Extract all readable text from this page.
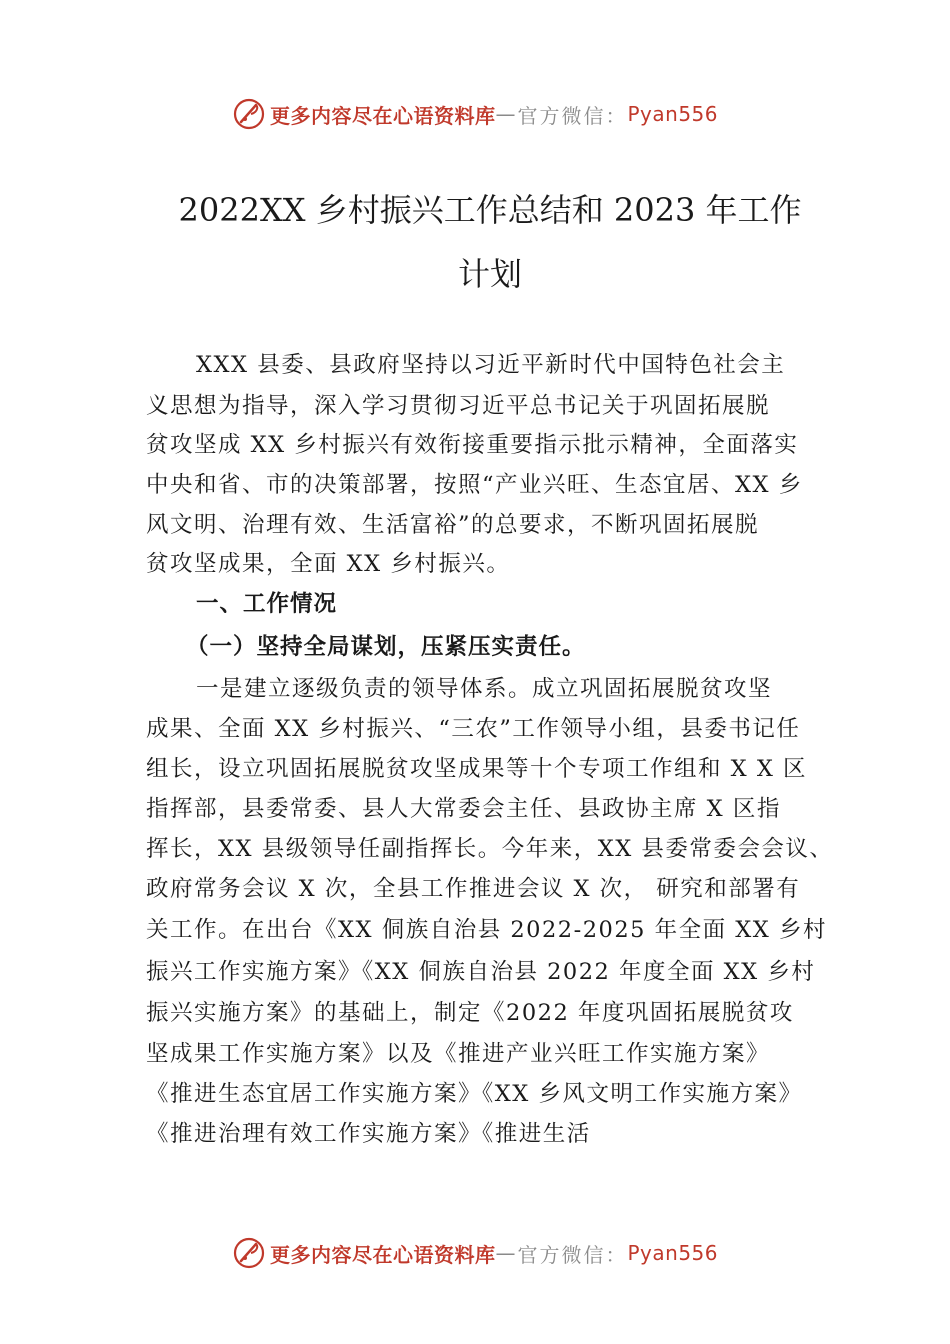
更多内容尽在心语资料库 — 官方微信： Pyan556
2022XX 乡村振兴工作总结和 2023 年工作
计划
XXX 县委、县政府坚持以习近平新时代中国特色社会主
义思想为指导，深入学习贯彻习近平总书记关于巩固拓展脱
贫攻坚成 XX 乡村振兴有效衔接重要指示批示精神，全面落实
中央和省、市的决策部署，按照“产业兴旺、生态宜居、XX 乡
风文明、治理有效、生活富裕”的总要求，不断巩固拓展脱
贫攻坚成果，全面 XX 乡村振兴。
一、工作情况
（一）坚持全局谋划，压紧压实责任。
一是建立逐级负责的领导体系。成立巩固拓展脱贫攻坚
成果、全面 XX 乡村振兴、“三农”工作领导小组，县委书记任
组长，设立巩固拓展脱贫攻坚成果等十个专项工作组和 X X 区
指挥部，县委常委、县人大常委会主任、县政协主席 X 区指
挥长，XX 县级领导任副指挥长。今年来，XX 县委常委会会议、
政府常务会议 X 次，全县工作推进会议 X 次， 研究和部署有
关工作。在出台《XX 侗族自治县 2022-2025 年全面 XX 乡村
振兴工作实施方案》《XX 侗族自治县 2022 年度全面 XX 乡村
振兴实施方案》的基础上，制定《2022 年度巩固拓展脱贫攻
坚成果工作实施方案》以及《推进产业兴旺工作实施方案》
《推进生态宜居工作实施方案》《XX 乡风文明工作实施方案》
《推进治理有效工作实施方案》《推进生活
更多内容尽在心语资料库 — 官方微信： Pyan556
